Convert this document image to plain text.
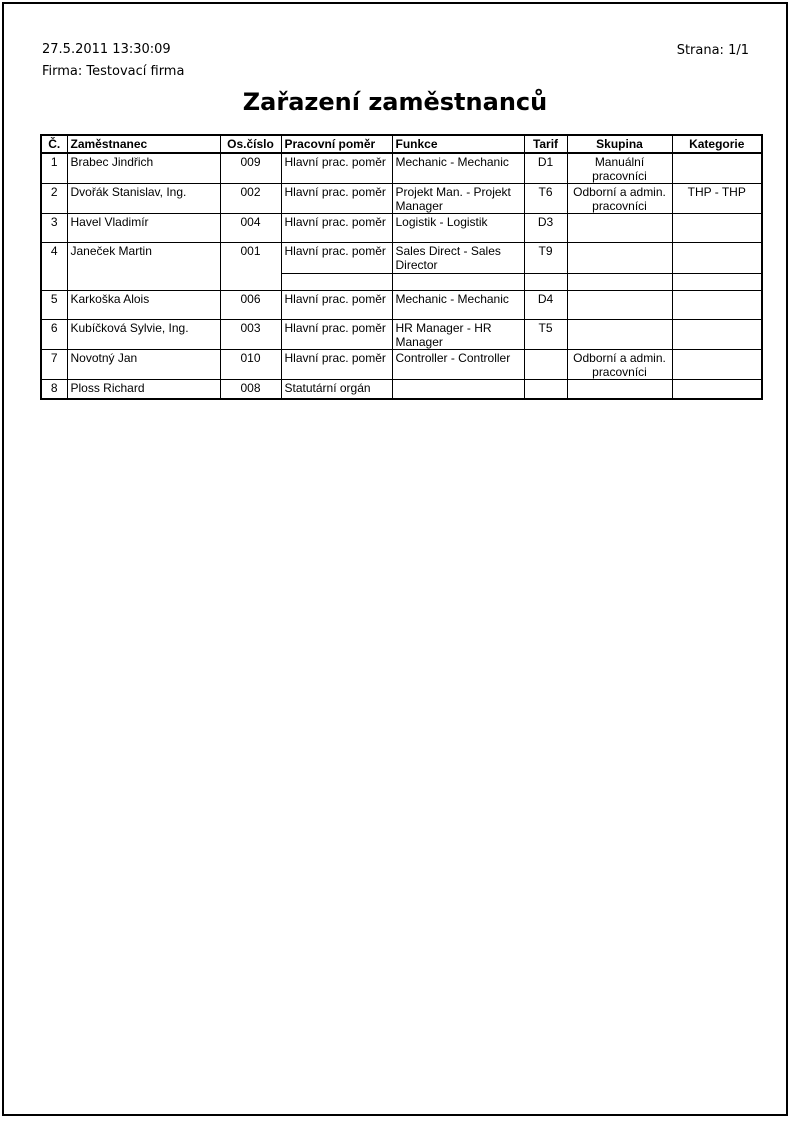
27.5.2011 13:30:09
Firma: Testovací firma
Strana: 1/1
Zařazení zaměstnanců
Č.	Zaměstnanec	Os.číslo	Pracovní poměr	Funkce	Tarif	Skupina	Kategorie
1	Brabec Jindřich	009	Hlavní prac. poměr	Mechanic - Mechanic	D1	Manuální pracovníci	
2	Dvořák Stanislav, Ing.	002	Hlavní prac. poměr	Projekt Man. - Projekt Manager	T6	Odborní a admin. pracovníci	THP - THP
3	Havel Vladimír	004	Hlavní prac. poměr	Logistik - Logistik	D3		
4	Janeček Martin	001	Hlavní prac. poměr	Sales Direct - Sales Director	T9		

5	Karkoška Alois	006	Hlavní prac. poměr	Mechanic - Mechanic	D4		
6	Kubíčková Sylvie, Ing.	003	Hlavní prac. poměr	HR Manager - HR Manager	T5		
7	Novotný Jan	010	Hlavní prac. poměr	Controller - Controller		Odborní a admin. pracovníci	
8	Ploss Richard	008	Statutární orgán				
